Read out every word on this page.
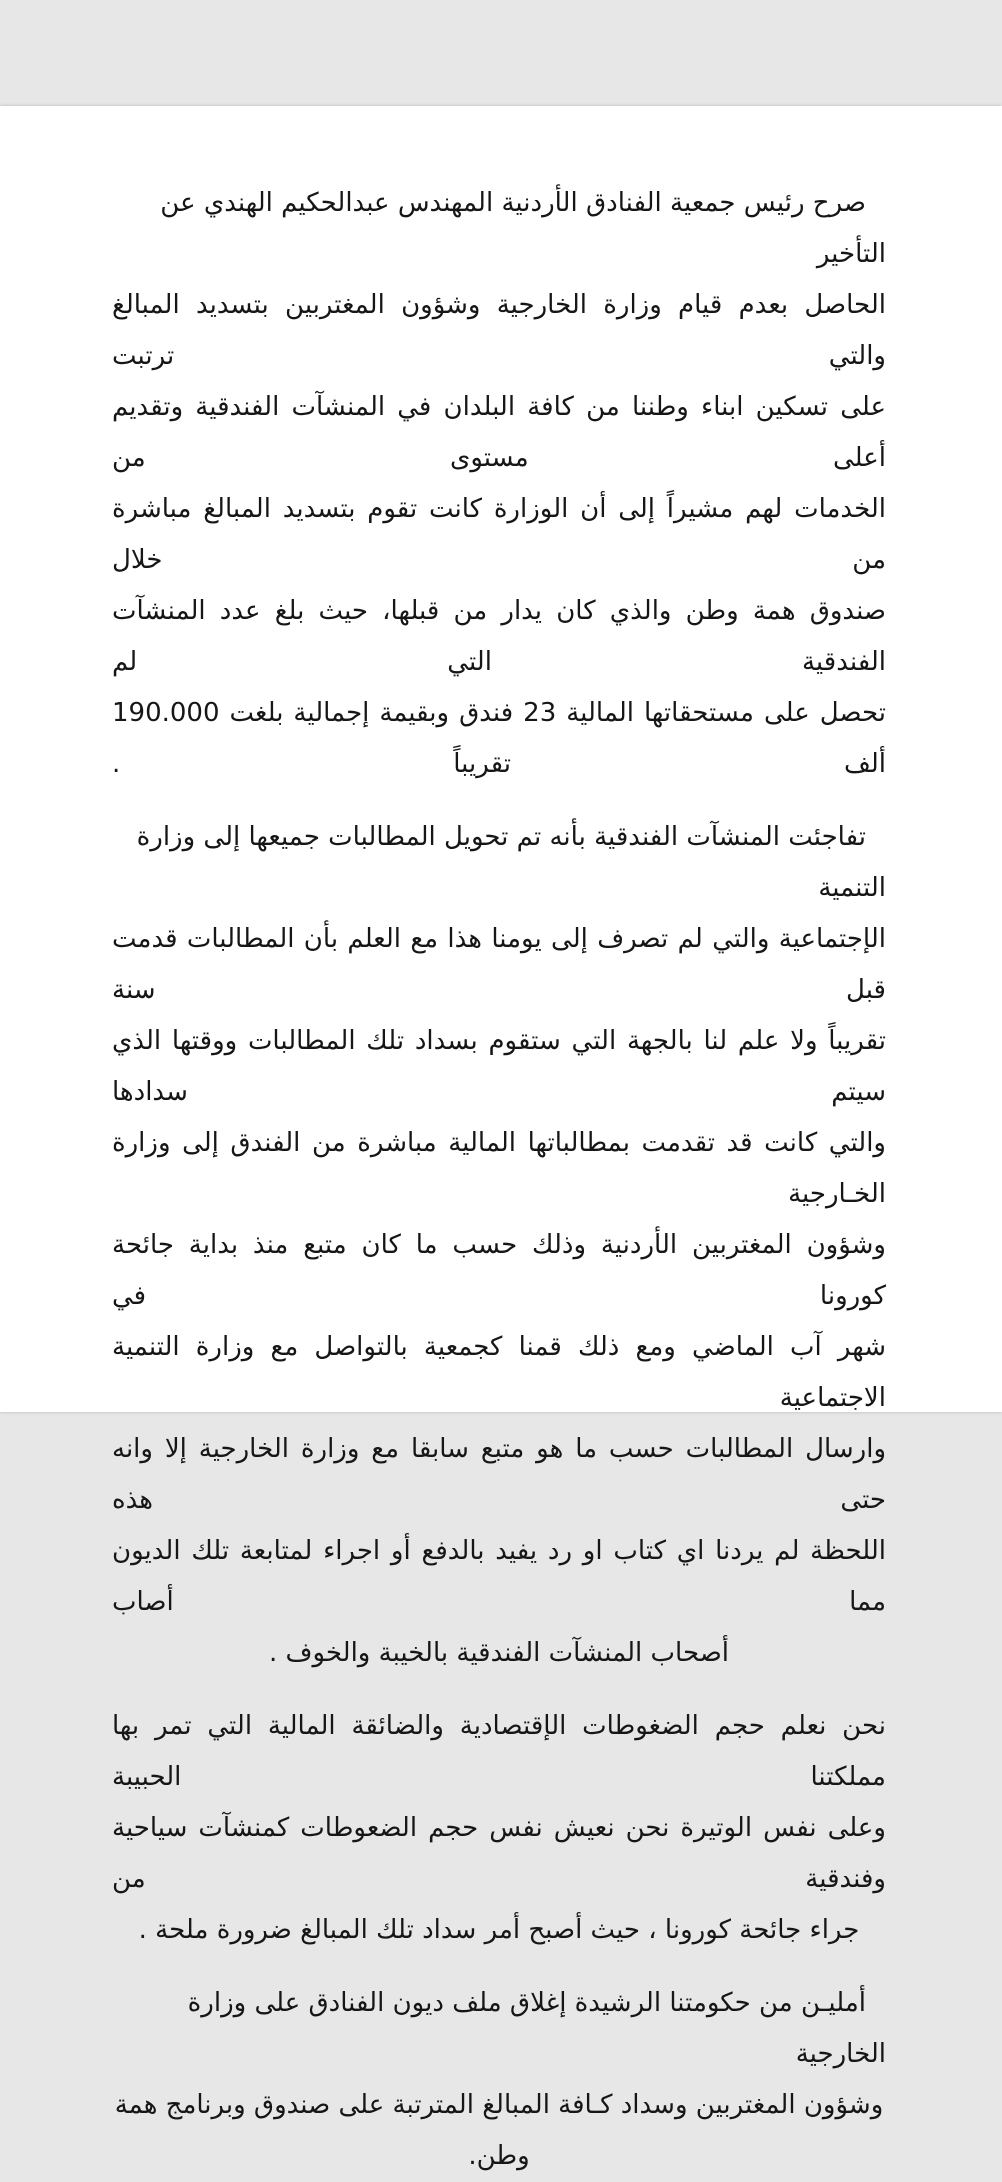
صرح رئيس جمعية الفنادق الأردنية المهندس عبدالحكيم الهندي عن التأخير
الحاصل بعدم قيام وزارة الخارجية وشؤون المغتربين بتسديد المبالغ والتي ترتبت
على تسكين ابناء وطننا من كافة البلدان في المنشآت الفندقية وتقديم أعلى مستوى من
الخدمات لهم مشيراً إلى أن الوزارة كانت تقوم بتسديد المبالغ مباشرة من خلال
صندوق همة وطن والذي كان يدار من قبلها، حيث بلغ عدد المنشآت الفندقية التي لم
تحصل على مستحقاتها المالية 23 فندق وبقيمة إجمالية بلغت 190.000 ألف تقريباً .
تفاجئت المنشآت الفندقية بأنه تم تحويل المطالبات جميعها إلى وزارة التنمية
الإجتماعية والتي لم تصرف إلى يومنا هذا مع العلم بأن المطالبات قدمت قبل سنة
تقريباً ولا علم لنا بالجهة التي ستقوم بسداد تلك المطالبات ووقتها الذي سيتم سدادها
والتي كانت قد تقدمت بمطالباتها المالية مباشرة من الفندق إلى وزارة الخـارجية
وشؤون المغتربين الأردنية وذلك حسب ما كان متبع منذ بداية جائحة كورونا في
شهر آب الماضي ومع ذلك قمنا كجمعية بالتواصل مع وزارة التنمية الاجتماعية
وارسال المطالبات حسب ما هو متبع سابقا مع وزارة الخارجية إلا وانه حتى هذه
اللحظة لم يردنا اي كتاب او رد يفيد بالدفع أو اجراء لمتابعة تلك الديون مما أصاب
أصحاب المنشآت الفندقية بالخيبة والخوف .
نحن نعلم حجم الضغوطات الإقتصادية والضائقة المالية التي تمر بها مملكتنا الحبيبة
وعلى نفس الوتيرة نحن نعيش نفس حجم الضعوطات كمنشآت سياحية وفندقية من
جراء جائحة كورونا ، حيث أصبح أمر سداد تلك المبالغ ضرورة ملحة .
أمليـن من حكومتنا الرشيدة إغلاق ملف ديون الفنادق على وزارة الخارجية
وشؤون المغتربين وسداد كـافة المبالغ المترتبة على صندوق وبرنامج همة وطن.
